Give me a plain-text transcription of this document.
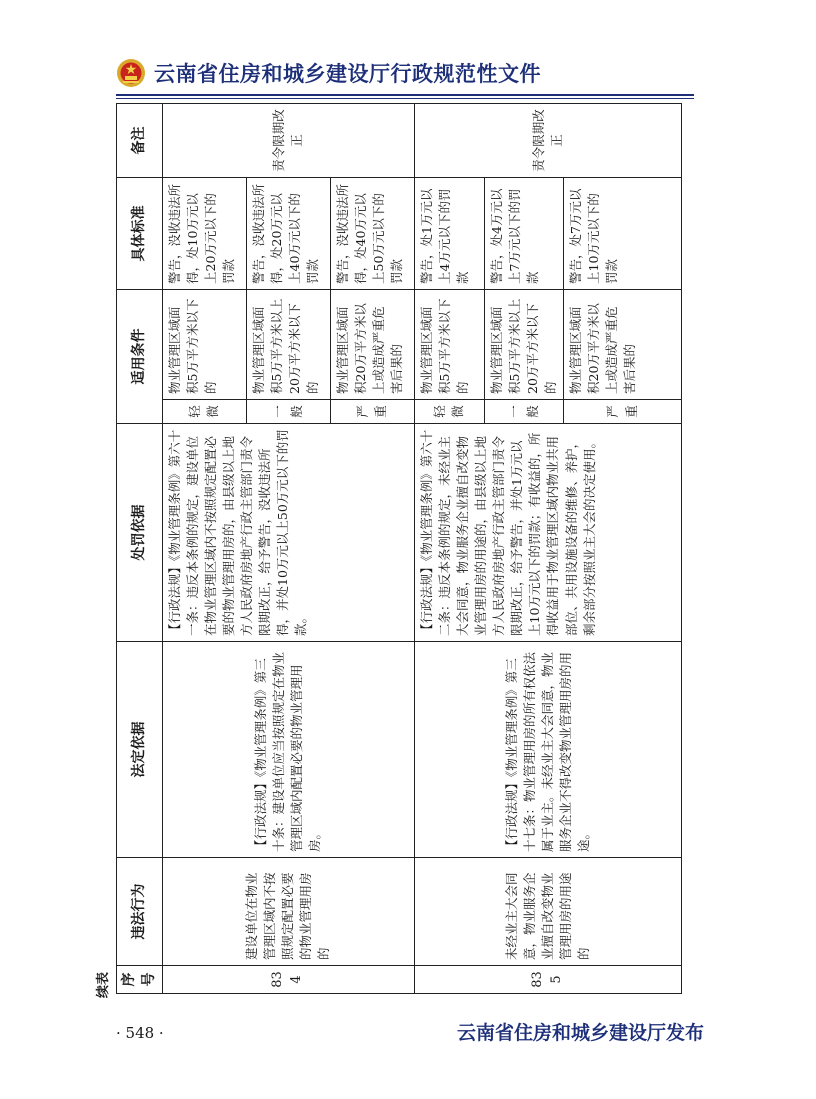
云南省住房和城乡建设厅行政规范性文件
续表 序号	违法行为	法定依据	处罚依据	适用条件		具体标准	备注
834	建设单位在物业管理区域内不按照规定配置必要的物业管理用房的	【行政法规】《物业管理条例》第三十条：建设单位应当按照规定在物业管理区域内配置必要的物业管理用房。	【行政法规】《物业管理条例》第六十一条：违反本条例的规定，建设单位在物业管理区域内不按照规定配置必要的物业管理用房的，由县级以上地方人民政府房地产行政主管部门责令限期改正，给予警告，没收违法所得，并处10万元以上50万元以下的罚款。	轻微	物业管理区域面积5万平方米以下的	警告，没收违法所得，处10万元以上20万元以下的罚款	责令限期改正
				一般	物业管理区域面积5万平方米以上20万平方米以下的	警告，没收违法所得，处20万元以上40万元以下的罚款	
				严重	物业管理区域面积20万平方米以上或造成严重危害后果的	警告，没收违法所得，处40万元以上50万元以下的罚款	
835	未经业主大会同意，物业服务企业擅自改变物业管理用房的用途的	【行政法规】《物业管理条例》第三十七条：物业管理用房的所有权依法属于业主。未经业主大会同意，物业服务企业不得改变物业管理用房的用途。	【行政法规】《物业管理条例》第六十二条：违反本条例的规定，未经业主大会同意，物业服务企业擅自改变物业管理用房的用途的，由县级以上地方人民政府房地产行政主管部门责令限期改正，给予警告，并处1万元以上10万元以下的罚款；有收益的，所得收益用于物业管理区域内物业共用部位、共用设施设备的维修、养护，剩余部分按照业主大会的决定使用。	轻微	物业管理区域面积5万平方米以下的	警告，处1万元以上4万元以下的罚款	责令限期改正
				一般	物业管理区域面积5万平方米以上20万平方米以下的	警告，处4万元以上7万元以下的罚款	
				严重	物业管理区域面积20万平方米以上或造成严重危害后果的	警告，处7万元以上10万元以下的罚款	
· 548 ·	云南省住房和城乡建设厅发布
